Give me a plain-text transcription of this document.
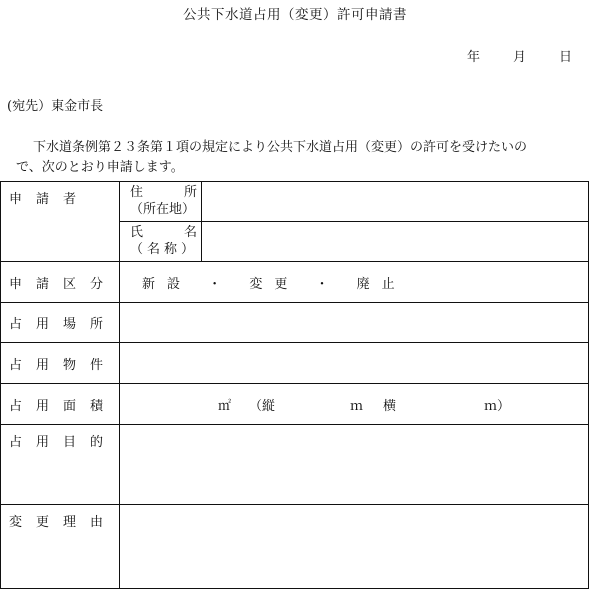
公共下水道占用（変更）許可申請書
年	月	日
(宛先）東金市長
下水道条例第２３条第１項の規定により公共下水道占用（変更）の許可を受けたいの
で、次のとおり申請します。
申請者	住 所
（所在地）	

	氏 名
（名称）	

申請区分	新設 ・ 変更 ・ 廃止	
占用場所		
占用物件		
占用面積	㎡ （縦 ｍ 横 ｍ）	

占用目的		
変更理由		
